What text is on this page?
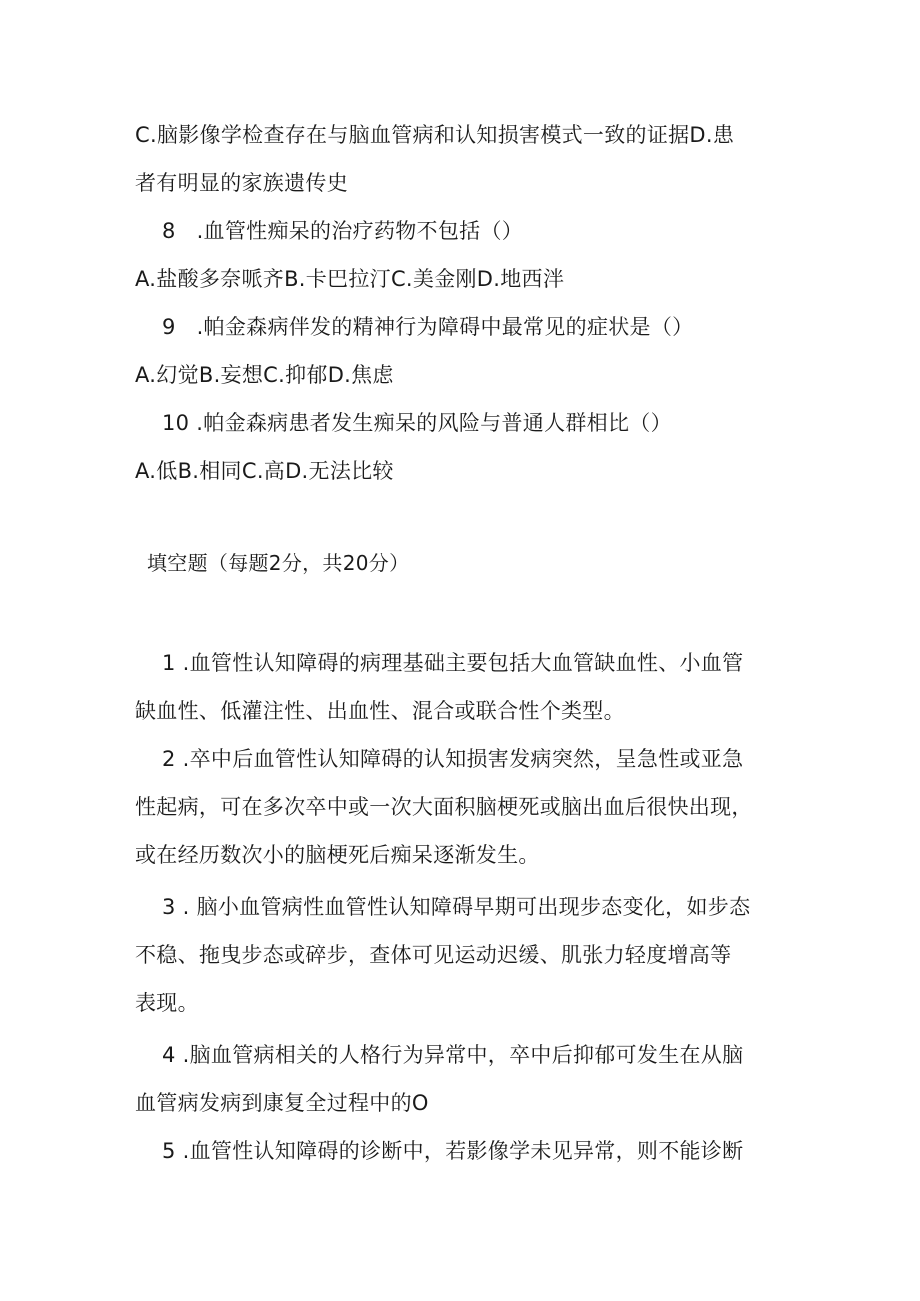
C.脑影像学检查存在与脑血管病和认知损害模式一致的证据D.患
者有明显的家族遗传史
8   .血管性痴呆的治疗药物不包括（）
A.盐酸多奈哌齐B.卡巴拉汀C.美金刚D.地西泮
9   .帕金森病伴发的精神行为障碍中最常见的症状是（）
A.幻觉B.妄想C.抑郁D.焦虑
10 .帕金森病患者发生痴呆的风险与普通人群相比（）
A.低B.相同C.高D.无法比较
填空题（每题2分，共20分）
1 .血管性认知障碍的病理基础主要包括大血管缺血性、小血管
缺血性、低灌注性、出血性、混合或联合性个类型。
2 .卒中后血管性认知障碍的认知损害发病突然，呈急性或亚急
性起病，可在多次卒中或一次大面积脑梗死或脑出血后很快出现，
或在经历数次小的脑梗死后痴呆逐渐发生。
3 . 脑小血管病性血管性认知障碍早期可出现步态变化，如步态
不稳、拖曳步态或碎步，查体可见运动迟缓、肌张力轻度增高等
表现。
4 .脑血管病相关的人格行为异常中，卒中后抑郁可发生在从脑
血管病发病到康复全过程中的O
5 .血管性认知障碍的诊断中，若影像学未见异常，则不能诊断
